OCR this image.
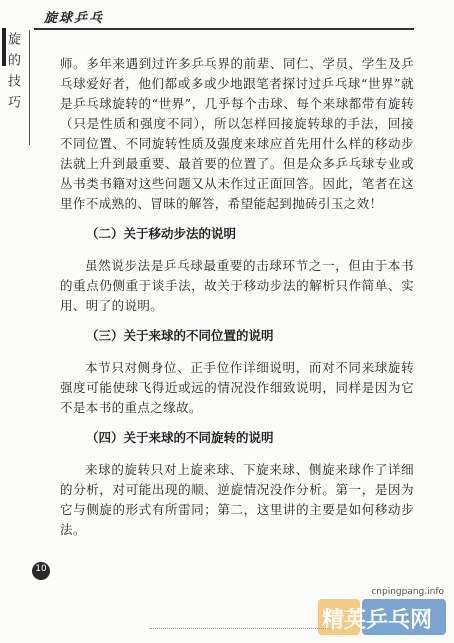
旋球乒乓
旋的技巧	师。多年来遇到过许多乒乓界的前辈、同仁、学员、学生及乒乓球爱好者，他们都或多或少地跟笔者探讨过乒乓球“世界”就是乒乓球旋转的“世界”，几乎每个击球、每个来球都带有旋转（只是性质和强度不同），所以怎样回接旋转球的手法，回接不同位置、不同旋转性质及强度来球应首先用什么样的移动步法就上升到最重要、最首要的位置了。但是众多乒乓球专业或丛书类书籍对这些问题又从未作过正面回答。因此，笔者在这里作不成熟的、冒昧的解答，希望能起到抛砖引玉之效！

（二）关于移动步法的说明

虽然说步法是乒乓球最重要的击球环节之一，但由于本书的重点仍侧重于谈手法，故关于移动步法的解析只作简单、实用、明了的说明。

（三）关于来球的不同位置的说明

本节只对侧身位、正手位作详细说明，而对不同来球旋转强度可能使球飞得近或远的情况没作细致说明，同样是因为它不是本书的重点之缘故。

（四）关于来球的不同旋转的说明

来球的旋转只对上旋来球、下旋来球、侧旋来球作了详细的分析，对可能出现的顺、逆旋情况没作分析。第一，是因为它与侧旋的形式有所雷同；第二，这里讲的主要是如何移动步法。

10
cnpingpang.info
精英乒乓网
